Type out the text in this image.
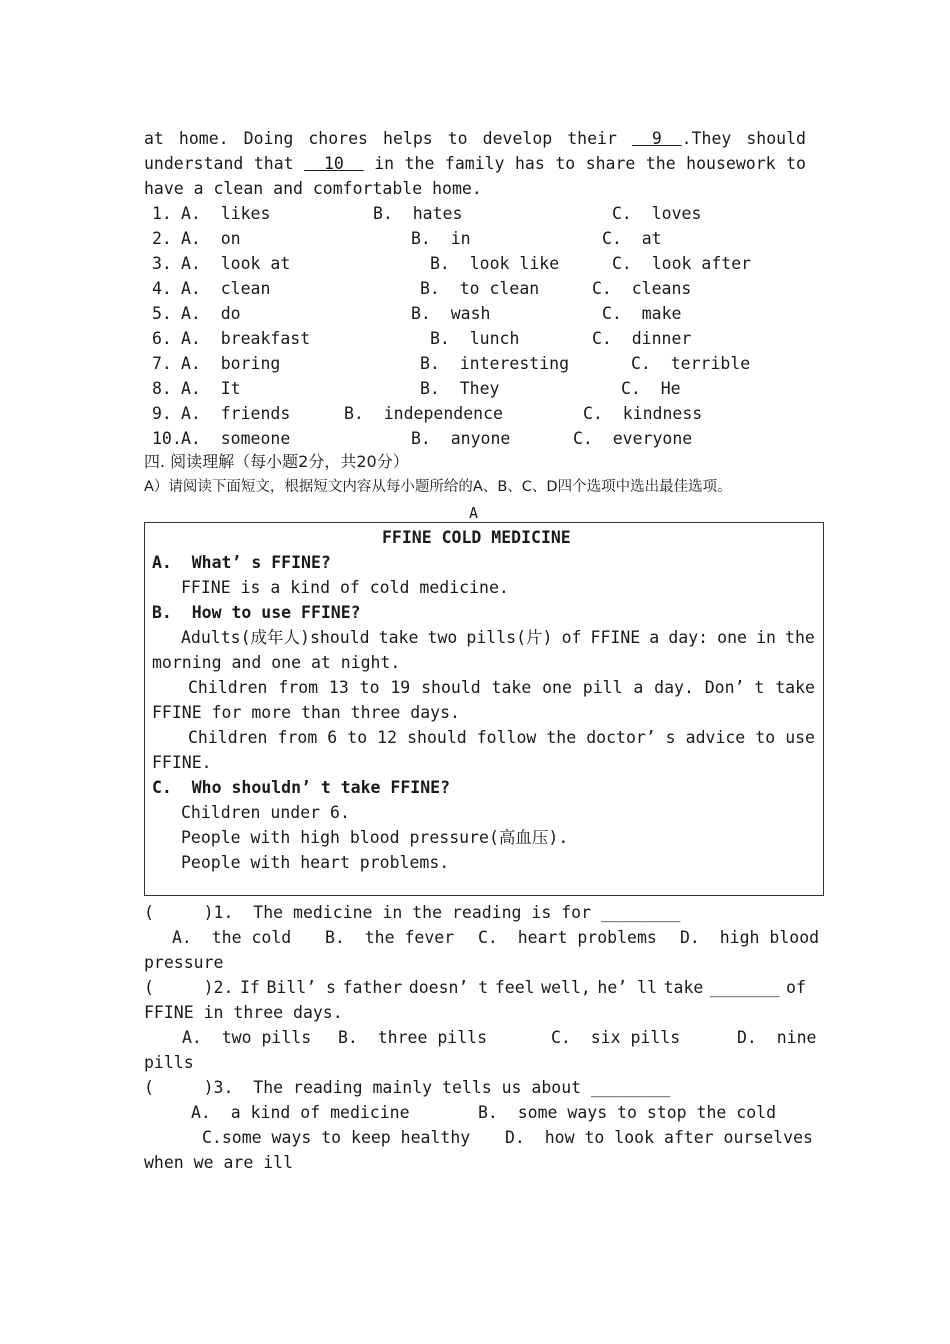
at home. Doing chores helps to develop their 9  .They should
understand that 10 in the family has to share the housework to
have a clean and comfortable home.
1. A.  likes	B.  hates	C.  loves
2. A.  on	B.  in	C.  at
3. A.  look at	B.  look like	C.  look after
4. A.  clean	B.  to clean	C.  cleans
5. A.  do	B.  wash	C.  make
6. A.  breakfast	B.  lunch	C.  dinner
7. A.  boring	B.  interesting	C.  terrible
8. A.  It	B.  They	C.  He
9. A.  friends	B.  independence	C.  kindness
10. A.  someone	B.  anyone	C.  everyone
四. 阅读理解（每小题2分，共20分）
A）请阅读下面短文，根据短文内容从每小题所给的A、B、C、D四个选项中选出最佳选项。
A
FFINE COLD MEDICINE
A.  What’ s FFINE?
FFINE is a kind of cold medicine.
B.  How to use FFINE?
Adults(成年人)should take two pills(片) of FFINE a day: one in the
morning and one at night.
Children from 13 to 19 should take one pill a day. Don’ t take
FFINE for more than three days.
Children from 6 to 12 should follow the doctor’ s advice to use
FFINE.
C.  Who shouldn’ t take FFINE?
Children under 6.
People with high blood pressure(高血压).
People with heart problems.
(     )1.  The medicine in the reading is for ________
A.  the cold B.  the fever C.  heart problems D.  high blood
pressure
(	)2. If Bill’ s father doesn’ t feel well, he’ ll take _______ of
FFINE in three days.
A.  two pills B.  three pills	C.  six pills	D.  nine
pills
(     )3.  The reading mainly tells us about ________
A.  a kind of medicine	B.  some ways to stop the cold
C.some ways to keep healthy D.  how to look after ourselves
when we are ill
